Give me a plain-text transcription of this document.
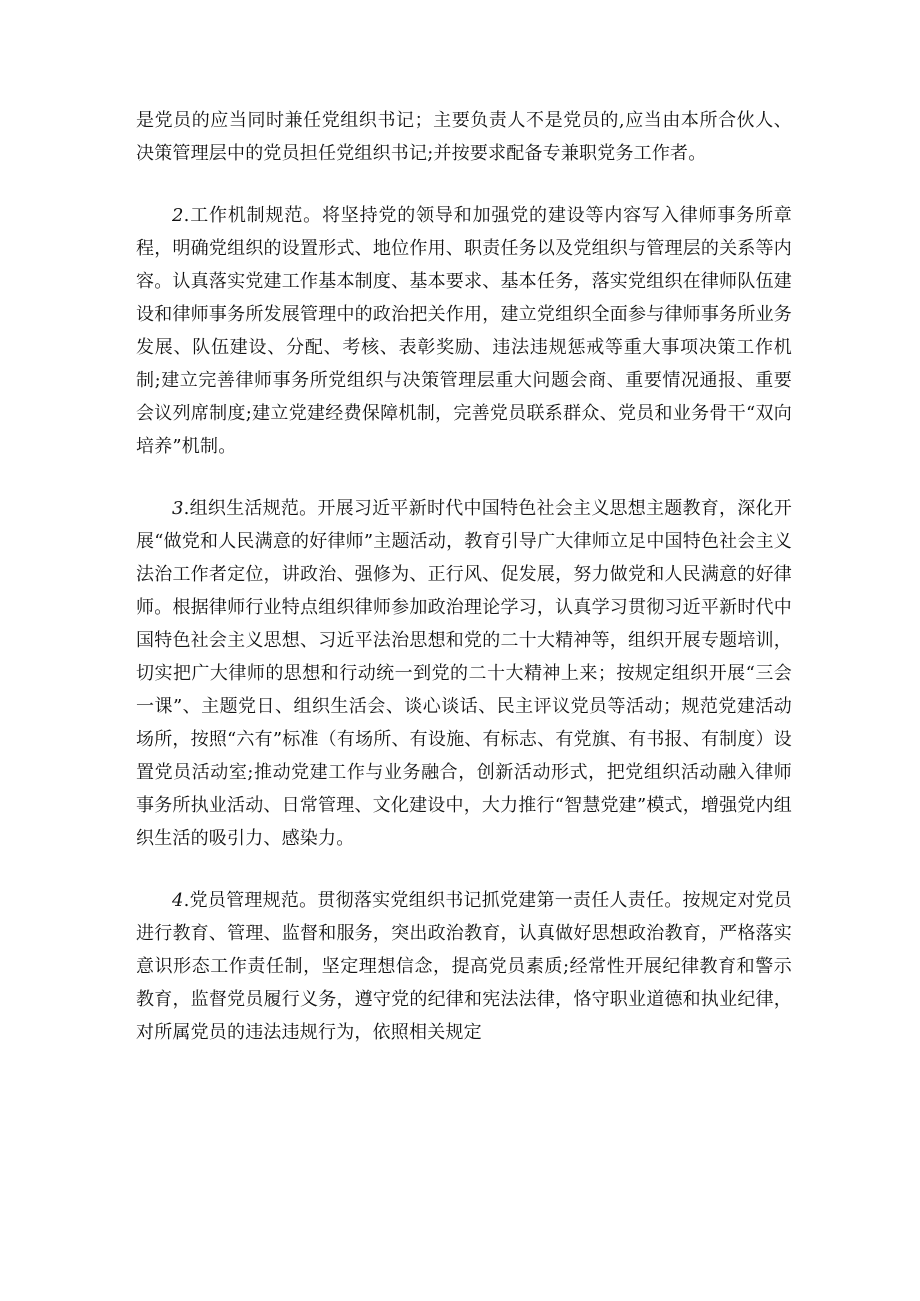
是党员的应当同时兼任党组织书记；主要负责人不是党员的,应当由本所合伙人、决策管理层中的党员担任党组织书记;并按要求配备专兼职党务工作者。

2.工作机制规范。将坚持党的领导和加强党的建设等内容写入律师事务所章程，明确党组织的设置形式、地位作用、职责任务以及党组织与管理层的关系等内容。认真落实党建工作基本制度、基本要求、基本任务，落实党组织在律师队伍建设和律师事务所发展管理中的政治把关作用，建立党组织全面参与律师事务所业务发展、队伍建设、分配、考核、表彰奖励、违法违规惩戒等重大事项决策工作机制;建立完善律师事务所党组织与决策管理层重大问题会商、重要情况通报、重要会议列席制度;建立党建经费保障机制，完善党员联系群众、党员和业务骨干“双向培养”机制。

3.组织生活规范。开展习近平新时代中国特色社会主义思想主题教育，深化开展“做党和人民满意的好律师”主题活动，教育引导广大律师立足中国特色社会主义法治工作者定位，讲政治、强修为、正行风、促发展，努力做党和人民满意的好律师。根据律师行业特点组织律师参加政治理论学习，认真学习贯彻习近平新时代中国特色社会主义思想、习近平法治思想和党的二十大精神等，组织开展专题培训，切实把广大律师的思想和行动统一到党的二十大精神上来；按规定组织开展“三会一课”、主题党日、组织生活会、谈心谈话、民主评议党员等活动；规范党建活动场所，按照“六有”标准（有场所、有设施、有标志、有党旗、有书报、有制度）设置党员活动室;推动党建工作与业务融合，创新活动形式，把党组织活动融入律师事务所执业活动、日常管理、文化建设中，大力推行“智慧党建”模式，增强党内组织生活的吸引力、感染力。

4.党员管理规范。贯彻落实党组织书记抓党建第一责任人责任。按规定对党员进行教育、管理、监督和服务，突出政治教育，认真做好思想政治教育，严格落实意识形态工作责任制，坚定理想信念，提高党员素质;经常性开展纪律教育和警示教育，监督党员履行义务，遵守党的纪律和宪法法律，恪守职业道德和执业纪律，对所属党员的违法违规行为，依照相关规定
